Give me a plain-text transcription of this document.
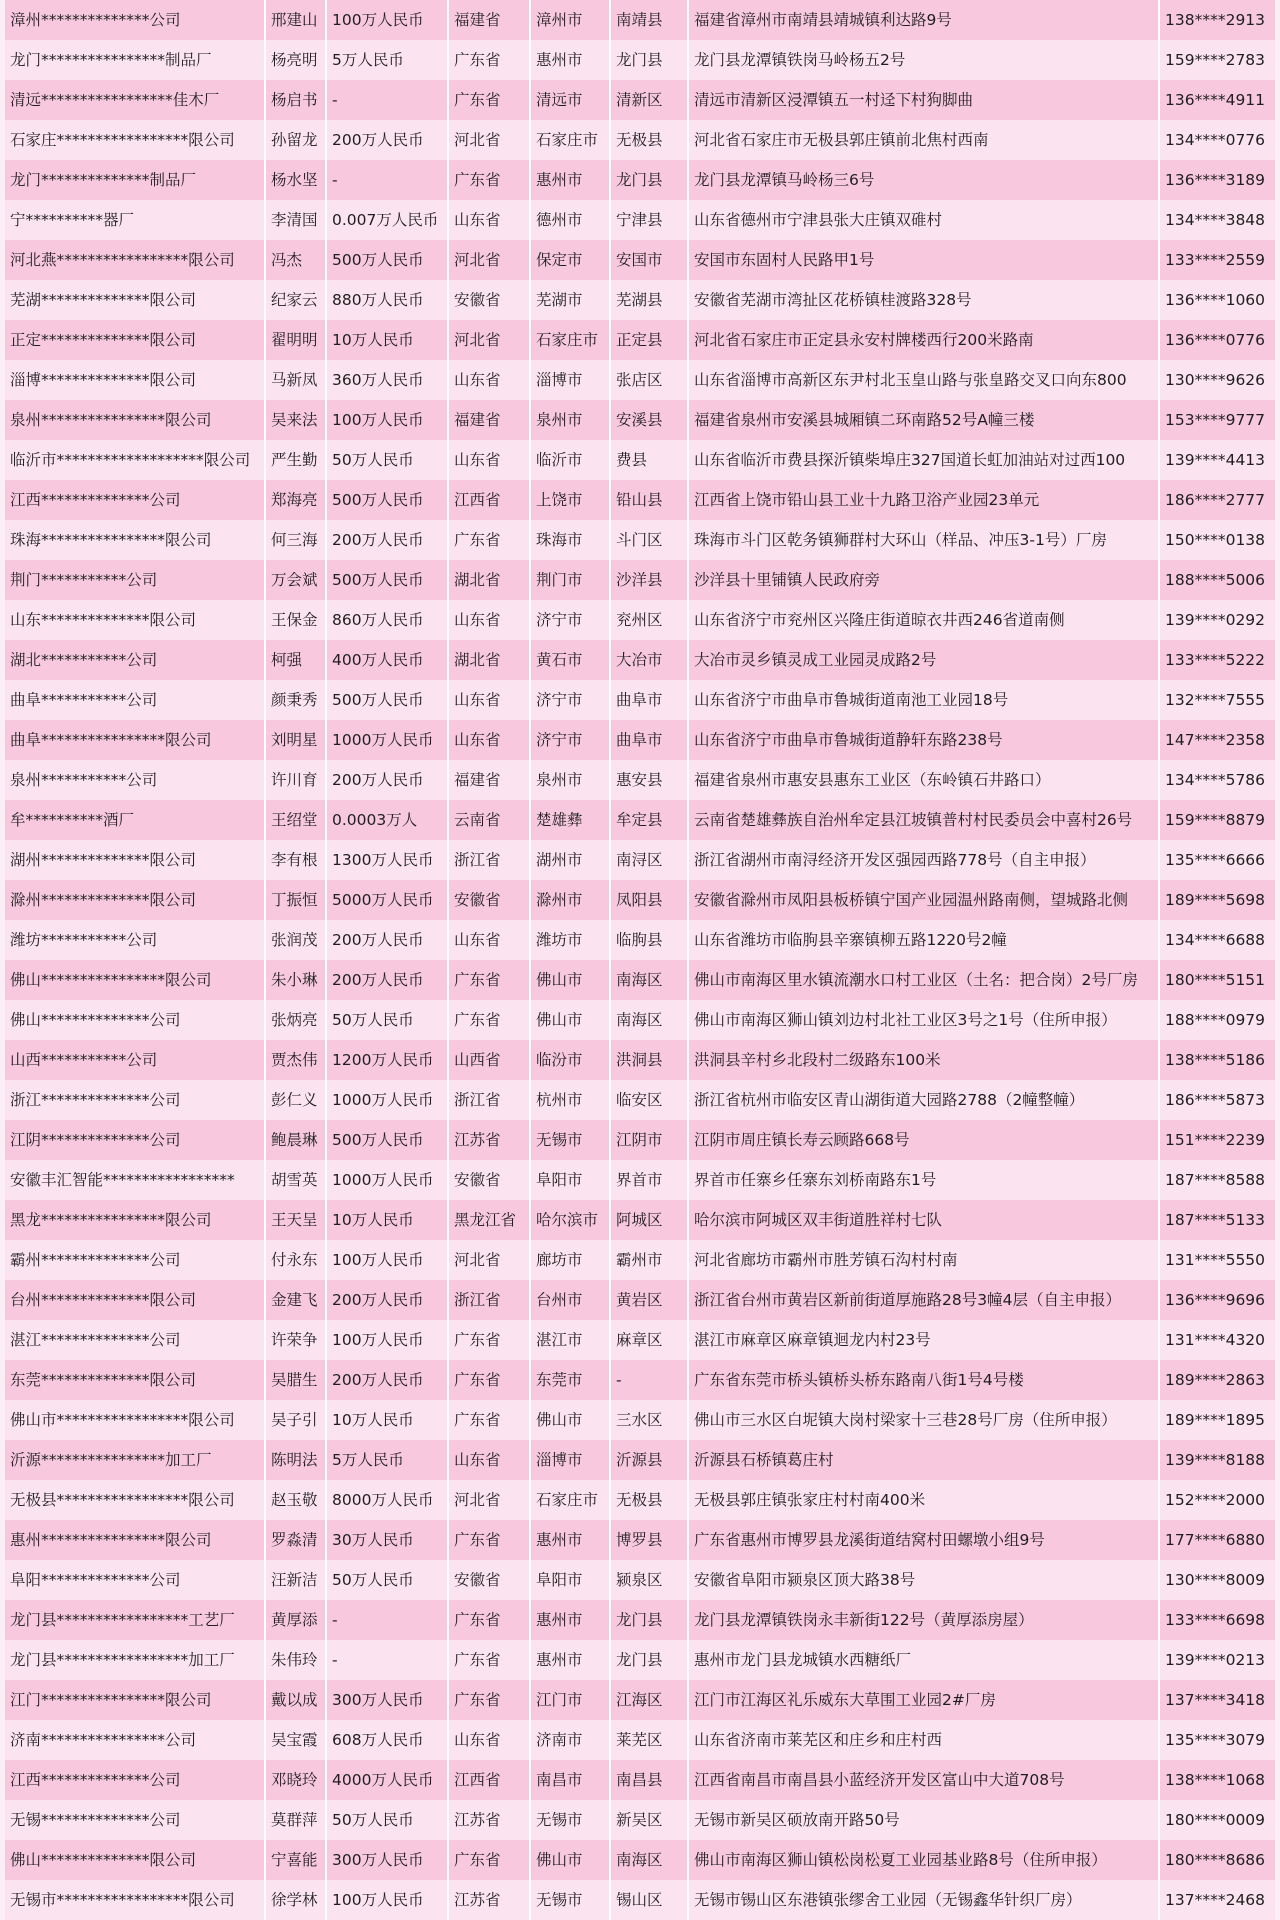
漳州**************公司	邢建山 100万人民币	福建省	漳州市	南靖县	福建省漳州市南靖县靖城镇利达路9号	138****2913
龙门****************制品厂	杨亮明 5万人民币	广东省	惠州市	龙门县	龙门县龙潭镇铁岗马岭杨五2号	159****2783
清远*****************佳木厂	杨启书 -	广东省	清远市	清新区	清远市清新区浸潭镇五一村迳下村狗脚曲	136****4911
石家庄*****************限公司	孙留龙 200万人民币	河北省	石家庄市	无极县	河北省石家庄市无极县郭庄镇前北焦村西南	134****0776
龙门**************制品厂	杨水坚 -	广东省	惠州市	龙门县	龙门县龙潭镇马岭杨三6号	136****3189
宁**********器厂	李清国 0.007万人民币	山东省	德州市	宁津县	山东省德州市宁津县张大庄镇双碓村	134****3848
河北燕*****************限公司	冯杰	500万人民币	河北省	保定市	安国市	安国市东固村人民路甲1号	133****2559
芜湖**************限公司	纪家云 880万人民币	安徽省	芜湖市	芜湖县	安徽省芜湖市湾扯区花桥镇桂渡路328号	136****1060
正定**************限公司	翟明明 10万人民币	河北省	石家庄市	正定县	河北省石家庄市正定县永安村牌楼西行200米路南	136****0776
淄博**************限公司	马新凤 360万人民币	山东省	淄博市	张店区	山东省淄博市高新区东尹村北玉皇山路与张皇路交叉口向东800	130****9626
泉州****************限公司	吴来法 100万人民币	福建省	泉州市	安溪县	福建省泉州市安溪县城厢镇二环南路52号A幢三楼	153****9777
临沂市*******************限公司	严生勤 50万人民币	山东省	临沂市	费县	山东省临沂市费县探沂镇柴埠庄327国道长虹加油站对过西100	139****4413
江西**************公司	郑海亮 500万人民币	江西省	上饶市	铅山县	江西省上饶市铅山县工业十九路卫浴产业园23单元	186****2777
珠海****************限公司	何三海 200万人民币	广东省	珠海市	斗门区	珠海市斗门区乾务镇狮群村大环山（样品、冲压3-1号）厂房	150****0138
荆门***********公司	万会斌 500万人民币	湖北省	荆门市	沙洋县	沙洋县十里铺镇人民政府旁	188****5006
山东**************限公司	王保金 860万人民币	山东省	济宁市	兖州区	山东省济宁市兖州区兴隆庄街道晾衣井西246省道南侧	139****0292
湖北***********公司	柯强	400万人民币	湖北省	黄石市	大冶市	大冶市灵乡镇灵成工业园灵成路2号	133****5222
曲阜***********公司	颜秉秀 500万人民币	山东省	济宁市	曲阜市	山东省济宁市曲阜市鲁城街道南池工业园18号	132****7555
曲阜****************限公司	刘明星 1000万人民币	山东省	济宁市	曲阜市	山东省济宁市曲阜市鲁城街道静轩东路238号	147****2358
泉州***********公司	许川育 200万人民币	福建省	泉州市	惠安县	福建省泉州市惠安县惠东工业区（东岭镇石井路口）	134****5786
牟**********酒厂	王绍堂 0.0003万人	云南省	楚雄彝	牟定县	云南省楚雄彝族自治州牟定县江坡镇普村村民委员会中喜村26号	159****8879
湖州**************限公司	李有根 1300万人民币	浙江省	湖州市	南浔区	浙江省湖州市南浔经济开发区强园西路778号（自主申报）	135****6666
滁州**************限公司	丁振恒 5000万人民币	安徽省	滁州市	凤阳县	安徽省滁州市凤阳县板桥镇宁国产业园温州路南侧，望城路北侧	189****5698
潍坊***********公司	张润茂 200万人民币	山东省	潍坊市	临朐县	山东省潍坊市临朐县辛寨镇柳五路1220号2幢	134****6688
佛山****************限公司	朱小琳 200万人民币	广东省	佛山市	南海区	佛山市南海区里水镇流潮水口村工业区（土名：把合岗）2号厂房	180****5151
佛山**************公司	张炳亮 50万人民币	广东省	佛山市	南海区	佛山市南海区狮山镇刘边村北社工业区3号之1号（住所申报）	188****0979
山西***********公司	贾杰伟 1200万人民币	山西省	临汾市	洪洞县	洪洞县辛村乡北段村二级路东100米	138****5186
浙江**************公司	彭仁义 1000万人民币	浙江省	杭州市	临安区	浙江省杭州市临安区青山湖街道大园路2788（2幢整幢）	186****5873
江阴**************公司	鲍晨琳 500万人民币	江苏省	无锡市	江阴市	江阴市周庄镇长寿云顾路668号	151****2239
安徽丰汇智能*****************	胡雪英 1000万人民币	安徽省	阜阳市	界首市	界首市任寨乡任寨东刘桥南路东1号	187****8588
黑龙****************限公司	王天呈 10万人民币	黑龙江省	哈尔滨市	阿城区	哈尔滨市阿城区双丰街道胜祥村七队	187****5133
霸州**************公司	付永东 100万人民币	河北省	廊坊市	霸州市	河北省廊坊市霸州市胜芳镇石沟村村南	131****5550
台州**************限公司	金建飞 200万人民币	浙江省	台州市	黄岩区	浙江省台州市黄岩区新前街道厚施路28号3幢4层（自主申报）	136****9696
湛江**************公司	许荣争 100万人民币	广东省	湛江市	麻章区	湛江市麻章区麻章镇迴龙内村23号	131****4320
东莞**************限公司	吴腊生 200万人民币	广东省	东莞市	-	广东省东莞市桥头镇桥头桥东路南八街1号4号楼	189****2863
佛山市*****************限公司	吴子引 10万人民币	广东省	佛山市	三水区	佛山市三水区白坭镇大岗村梁家十三巷28号厂房（住所申报）	189****1895
沂源****************加工厂	陈明法 5万人民币	山东省	淄博市	沂源县	沂源县石桥镇葛庄村	139****8188
无极县*****************限公司	赵玉敬 8000万人民币	河北省	石家庄市	无极县	无极县郭庄镇张家庄村村南400米	152****2000
惠州****************限公司	罗淼清 30万人民币	广东省	惠州市	博罗县	广东省惠州市博罗县龙溪街道结窝村田螺墩小组9号	177****6880
阜阳**************公司	汪新洁 50万人民币	安徽省	阜阳市	颍泉区	安徽省阜阳市颍泉区顶大路38号	130****8009
龙门县*****************工艺厂	黄厚添 -	广东省	惠州市	龙门县	龙门县龙潭镇铁岗永丰新街122号（黄厚添房屋）	133****6698
龙门县*****************加工厂	朱伟玲 -	广东省	惠州市	龙门县	惠州市龙门县龙城镇水西糖纸厂	139****0213
江门****************限公司	戴以成 300万人民币	广东省	江门市	江海区	江门市江海区礼乐威东大草围工业园2#厂房	137****3418
济南****************公司	吴宝霞 608万人民币	山东省	济南市	莱芜区	山东省济南市莱芜区和庄乡和庄村西	135****3079
江西**************公司	邓晓玲 4000万人民币	江西省	南昌市	南昌县	江西省南昌市南昌县小蓝经济开发区富山中大道708号	138****1068
无锡**************公司	莫群萍 50万人民币	江苏省	无锡市	新吴区	无锡市新吴区硕放南开路50号	180****0009
佛山**************限公司	宁喜能 300万人民币	广东省	佛山市	南海区	佛山市南海区狮山镇松岗松夏工业园基业路8号（住所申报）	180****8686
无锡市*****************限公司	徐学林 100万人民币	江苏省	无锡市	锡山区	无锡市锡山区东港镇张缪舍工业园（无锡鑫华针织厂房）	137****2468
